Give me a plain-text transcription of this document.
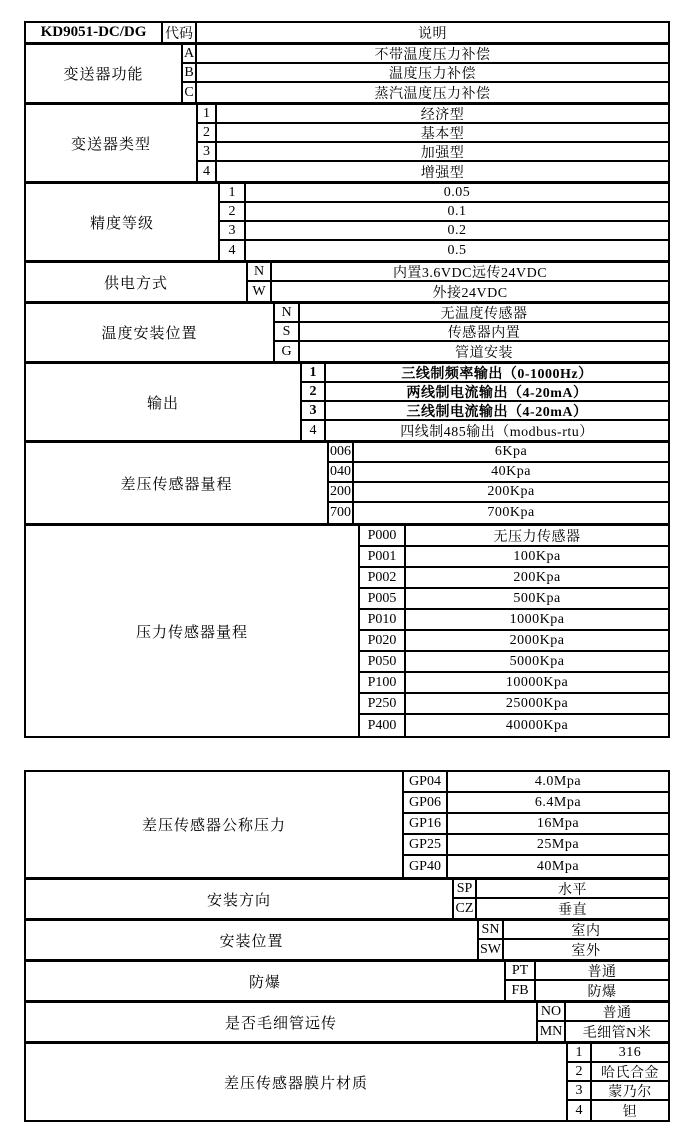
KD9051-DC/DG	代码	说明
变送器功能
A	不带温度压力补偿
B	温度压力补偿
C	蒸汽温度压力补偿
变送器类型
1	经济型
2	基本型
3	加强型
4	增强型
精度等级
1	0.05
2	0.1
3	0.2
4	0.5
供电方式
N	内置3.6VDC远传24VDC
W	外接24VDC
温度安装位置
N	无温度传感器
S	传感器内置
G	管道安装
输出
1	三线制频率输出（0-1000Hz）
2	两线制电流输出（4-20mA）
3	三线制电流输出（4-20mA）
4	四线制485输出（modbus-rtu）
差压传感器量程
006	6Kpa
040	40Kpa
200	200Kpa
700	700Kpa
压力传感器量程
P000	无压力传感器
P001	100Kpa
P002	200Kpa
P005	500Kpa
P010	1000Kpa
P020	2000Kpa
P050	5000Kpa
P100	10000Kpa
P250	25000Kpa
P400	40000Kpa
差压传感器公称压力
GP04	4.0Mpa
GP06	6.4Mpa
GP16	16Mpa
GP25	25Mpa
GP40	40Mpa
安装方向
SP	水平
CZ	垂直
安装位置
SN	室内
SW	室外
防爆
PT	普通
FB	防爆
是否毛细管远传
NO	普通
MN	毛细管N米
差压传感器膜片材质
1	316
2	哈氏合金
3	蒙乃尔
4	钽
